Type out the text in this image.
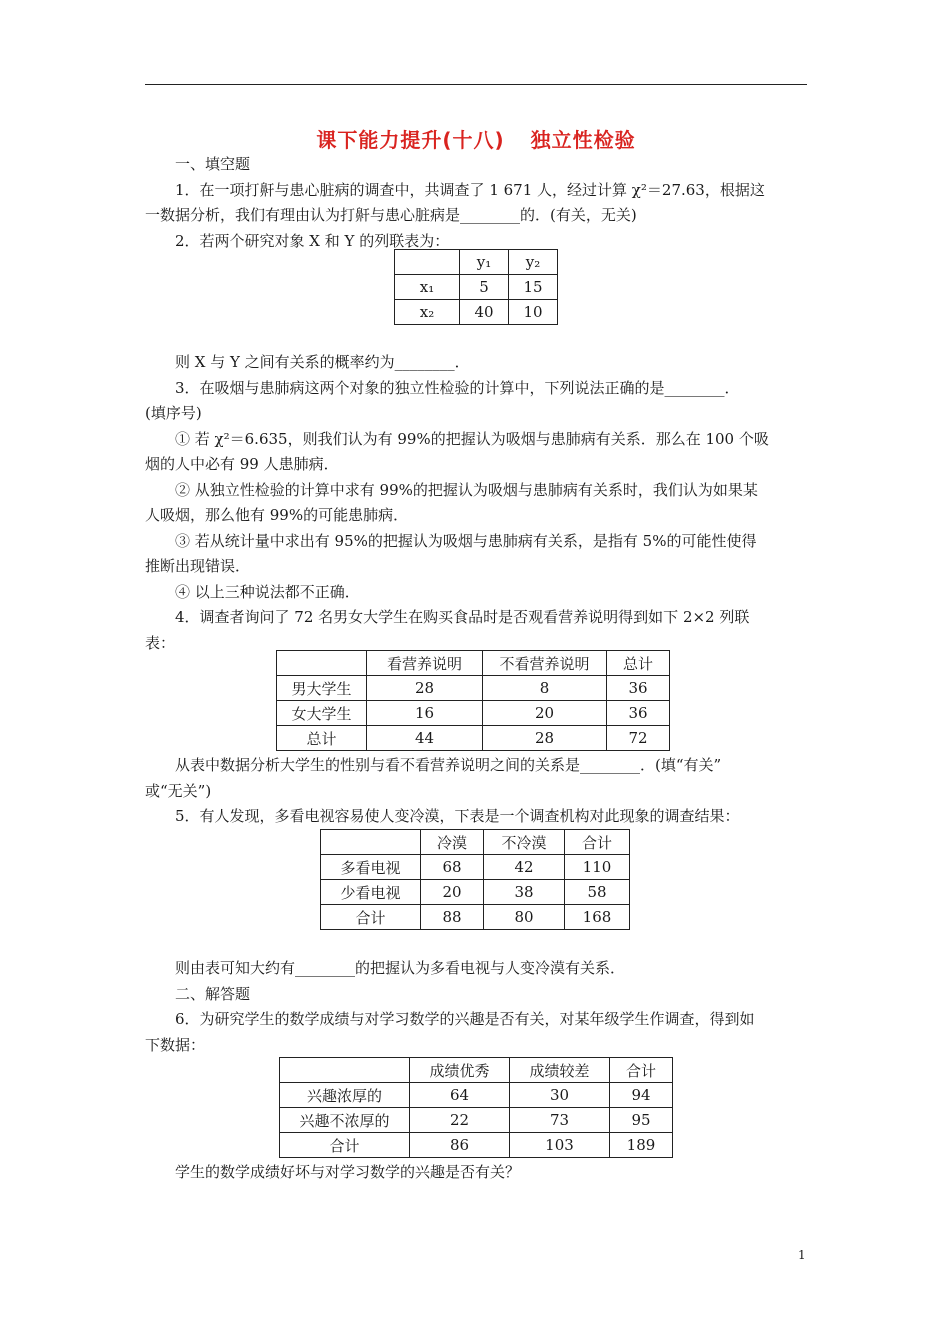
课下能力提升(十八) 独立性检验
一、填空题
1．在一项打鼾与患心脏病的调查中，共调查了 1 671 人，经过计算 χ²＝27.63，根据这
一数据分析，我们有理由认为打鼾与患心脏病是________的．(有关，无关)
2．若两个研究对象 X 和 Y 的列联表为：
	y₁	y₂
x₁	5	15
x₂	40	10
则 X 与 Y 之间有关系的概率约为________．
3．在吸烟与患肺病这两个对象的独立性检验的计算中，下列说法正确的是________．
(填序号)
① 若 χ²＝6.635，则我们认为有 99%的把握认为吸烟与患肺病有关系．那么在 100 个吸
烟的人中必有 99 人患肺病．
② 从独立性检验的计算中求有 99%的把握认为吸烟与患肺病有关系时，我们认为如果某
人吸烟，那么他有 99%的可能患肺病．
③ 若从统计量中求出有 95%的把握认为吸烟与患肺病有关系，是指有 5%的可能性使得
推断出现错误．
④ 以上三种说法都不正确．
4．调查者询问了 72 名男女大学生在购买食品时是否观看营养说明得到如下 2×2 列联
表：
	看营养说明	不看营养说明	总计
男大学生	28	8	36
女大学生	16	20	36
总计	44	28	72
从表中数据分析大学生的性别与看不看营养说明之间的关系是________．(填“有关”
或“无关”)
5．有人发现，多看电视容易使人变冷漠，下表是一个调查机构对此现象的调查结果：
	冷漠	不冷漠	合计
多看电视	68	42	110
少看电视	20	38	58
合计	88	80	168
则由表可知大约有________的把握认为多看电视与人变冷漠有关系．
二、解答题
6．为研究学生的数学成绩与对学习数学的兴趣是否有关，对某年级学生作调查，得到如
下数据：
	成绩优秀	成绩较差	合计
兴趣浓厚的	64	30	94
兴趣不浓厚的	22	73	95
合计	86	103	189
学生的数学成绩好坏与对学习数学的兴趣是否有关？
1
